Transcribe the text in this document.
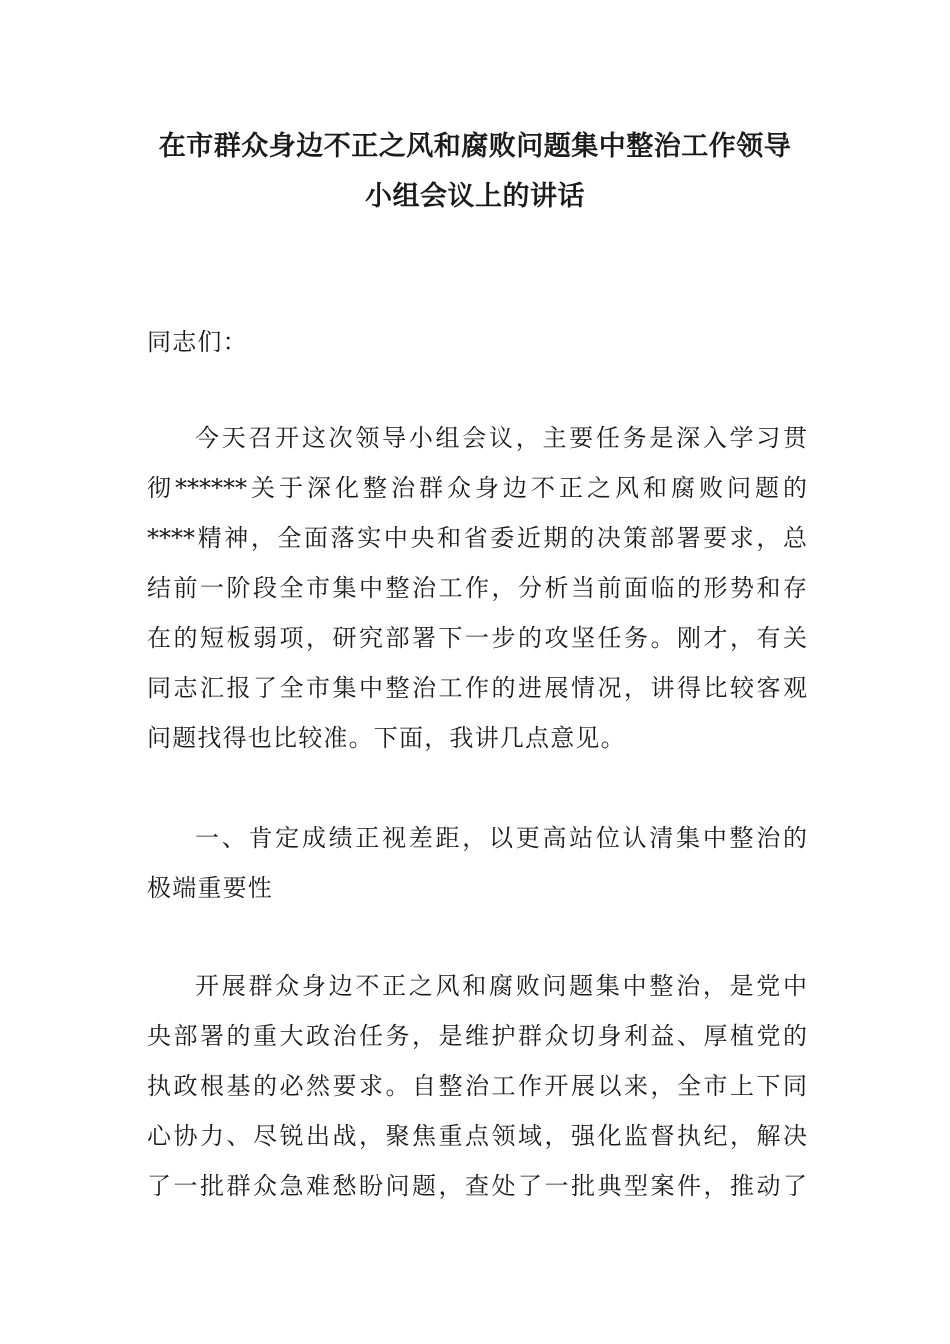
在市群众身边不正之风和腐败问题集中整治工作领导
小组会议上的讲话
同志们：
今天召开这次领导小组会议，主要任务是深入学习贯
彻******关于深化整治群众身边不正之风和腐败问题的
****精神，全面落实中央和省委近期的决策部署要求，总
结前一阶段全市集中整治工作，分析当前面临的形势和存
在的短板弱项，研究部署下一步的攻坚任务。刚才，有关
同志汇报了全市集中整治工作的进展情况，讲得比较客观
问题找得也比较准。下面，我讲几点意见。
一、肯定成绩正视差距，以更高站位认清集中整治的
极端重要性
开展群众身边不正之风和腐败问题集中整治，是党中
央部署的重大政治任务，是维护群众切身利益、厚植党的
执政根基的必然要求。自整治工作开展以来，全市上下同
心协力、尽锐出战，聚焦重点领域，强化监督执纪，解决
了一批群众急难愁盼问题，查处了一批典型案件，推动了
